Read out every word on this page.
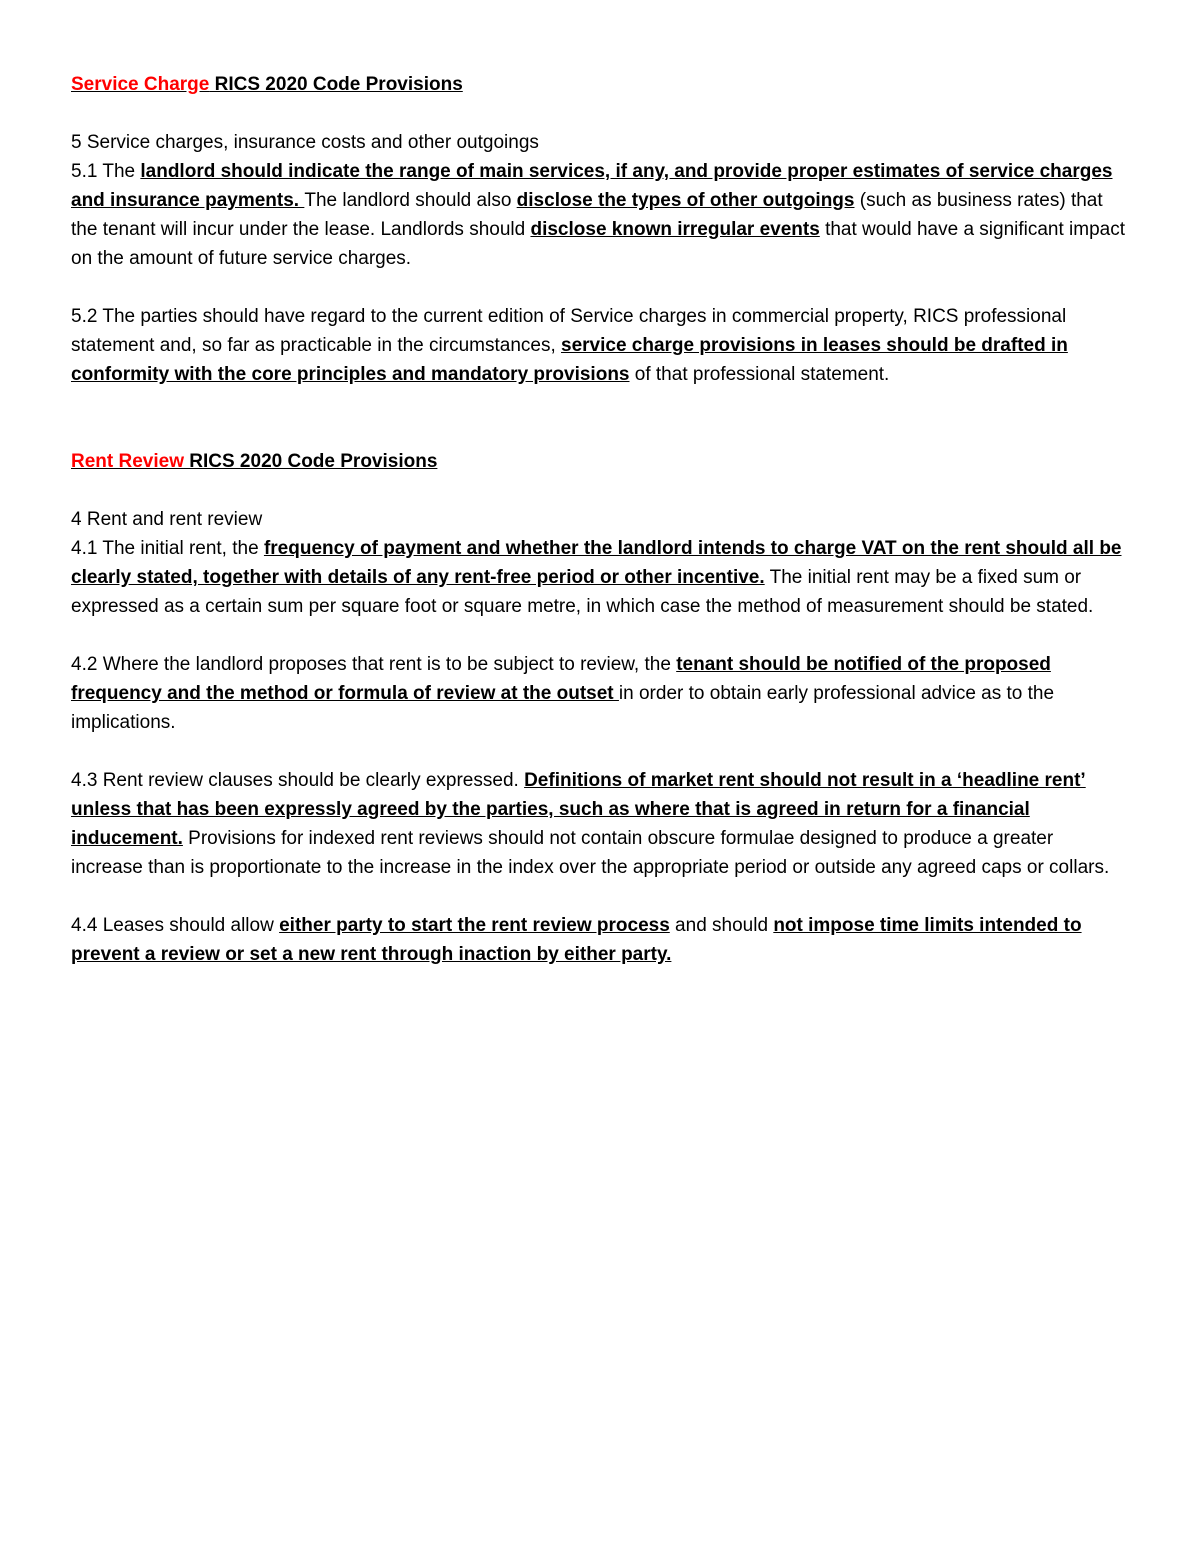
Service Charge RICS 2020 Code Provisions

5 Service charges, insurance costs and other outgoings

5.1 The landlord should indicate the range of main services, if any, and provide proper estimates of service charges and insurance payments. The landlord should also disclose the types of other outgoings (such as business rates) that the tenant will incur under the lease. Landlords should disclose known irregular events that would have a significant impact on the amount of future service charges.

5.2 The parties should have regard to the current edition of Service charges in commercial property, RICS professional statement and, so far as practicable in the circumstances, service charge provisions in leases should be drafted in conformity with the core principles and mandatory provisions of that professional statement.

Rent Review RICS 2020 Code Provisions

4 Rent and rent review

4.1 The initial rent, the frequency of payment and whether the landlord intends to charge VAT on the rent should all be clearly stated, together with details of any rent-free period or other incentive. The initial rent may be a fixed sum or expressed as a certain sum per square foot or square metre, in which case the method of measurement should be stated.

4.2 Where the landlord proposes that rent is to be subject to review, the tenant should be notified of the proposed frequency and the method or formula of review at the outset in order to obtain early professional advice as to the implications.

4.3 Rent review clauses should be clearly expressed. Definitions of market rent should not result in a ‘headline rent’ unless that has been expressly agreed by the parties, such as where that is agreed in return for a financial inducement. Provisions for indexed rent reviews should not contain obscure formulae designed to produce a greater increase than is proportionate to the increase in the index over the appropriate period or outside any agreed caps or collars.

4.4 Leases should allow either party to start the rent review process and should not impose time limits intended to prevent a review or set a new rent through inaction by either party.
